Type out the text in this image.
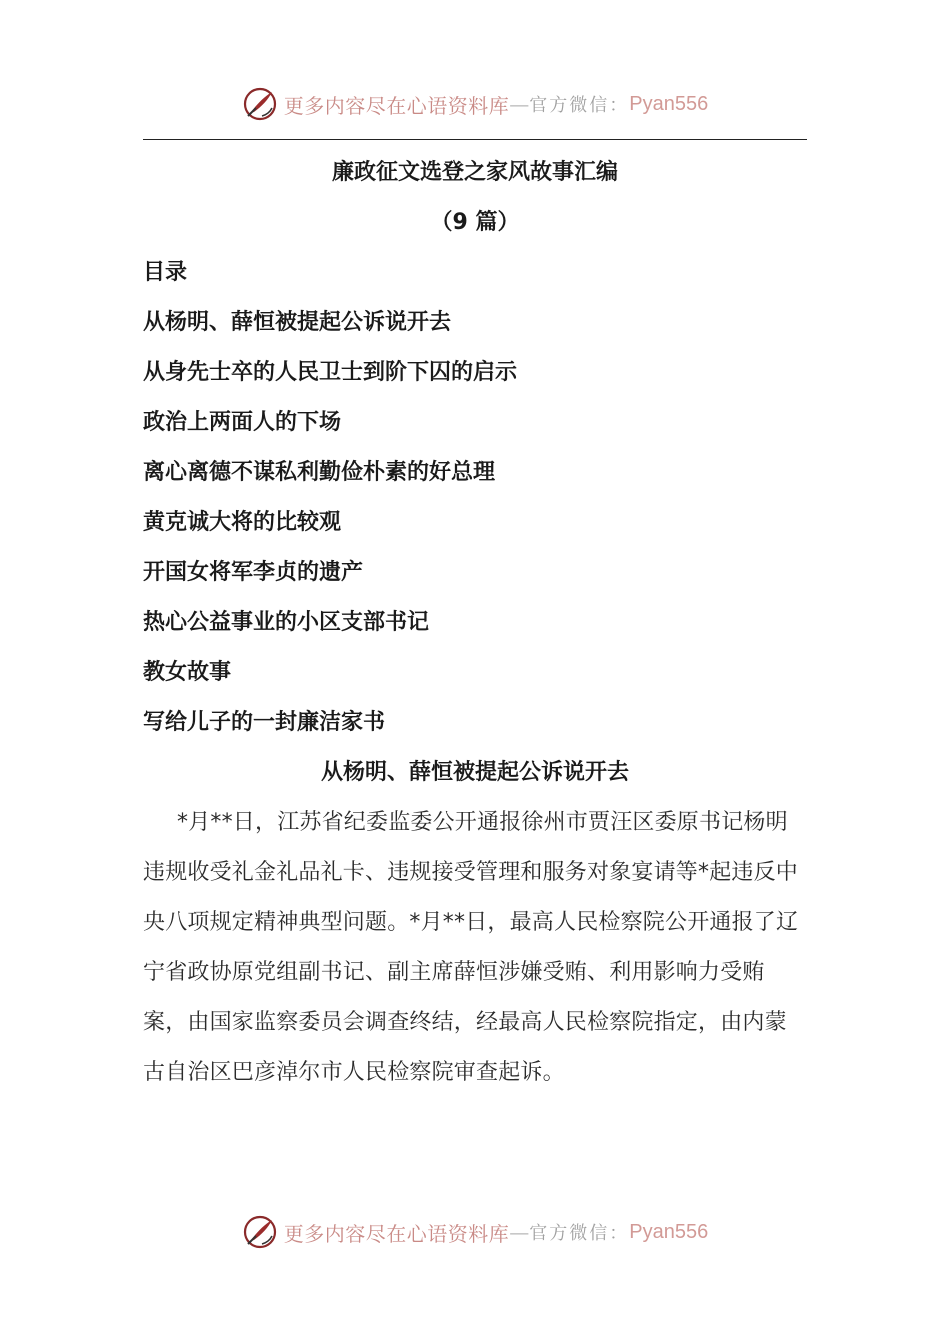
更多内容尽在心语资料库 — 官方微信： Pyan556
廉政征文选登之家风故事汇编
（9 篇）
目录
从杨明、薛恒被提起公诉说开去
从身先士卒的人民卫士到阶下囚的启示
政治上两面人的下场
离心离德不谋私利勤俭朴素的好总理
黄克诚大将的比较观
开国女将军李贞的遗产
热心公益事业的小区支部书记
教女故事
写给儿子的一封廉洁家书
从杨明、薛恒被提起公诉说开去

*月**日，江苏省纪委监委公开通报徐州市贾汪区委原书记杨明违规收受礼金礼品礼卡、违规接受管理和服务对象宴请等*起违反中央八项规定精神典型问题。*月**日，最高人民检察院公开通报了辽宁省政协原党组副书记、副主席薛恒涉嫌受贿、利用影响力受贿案，由国家监察委员会调查终结，经最高人民检察院指定，由内蒙古自治区巴彦淖尔市人民检察院审查起诉。

更多内容尽在心语资料库 — 官方微信： Pyan556
